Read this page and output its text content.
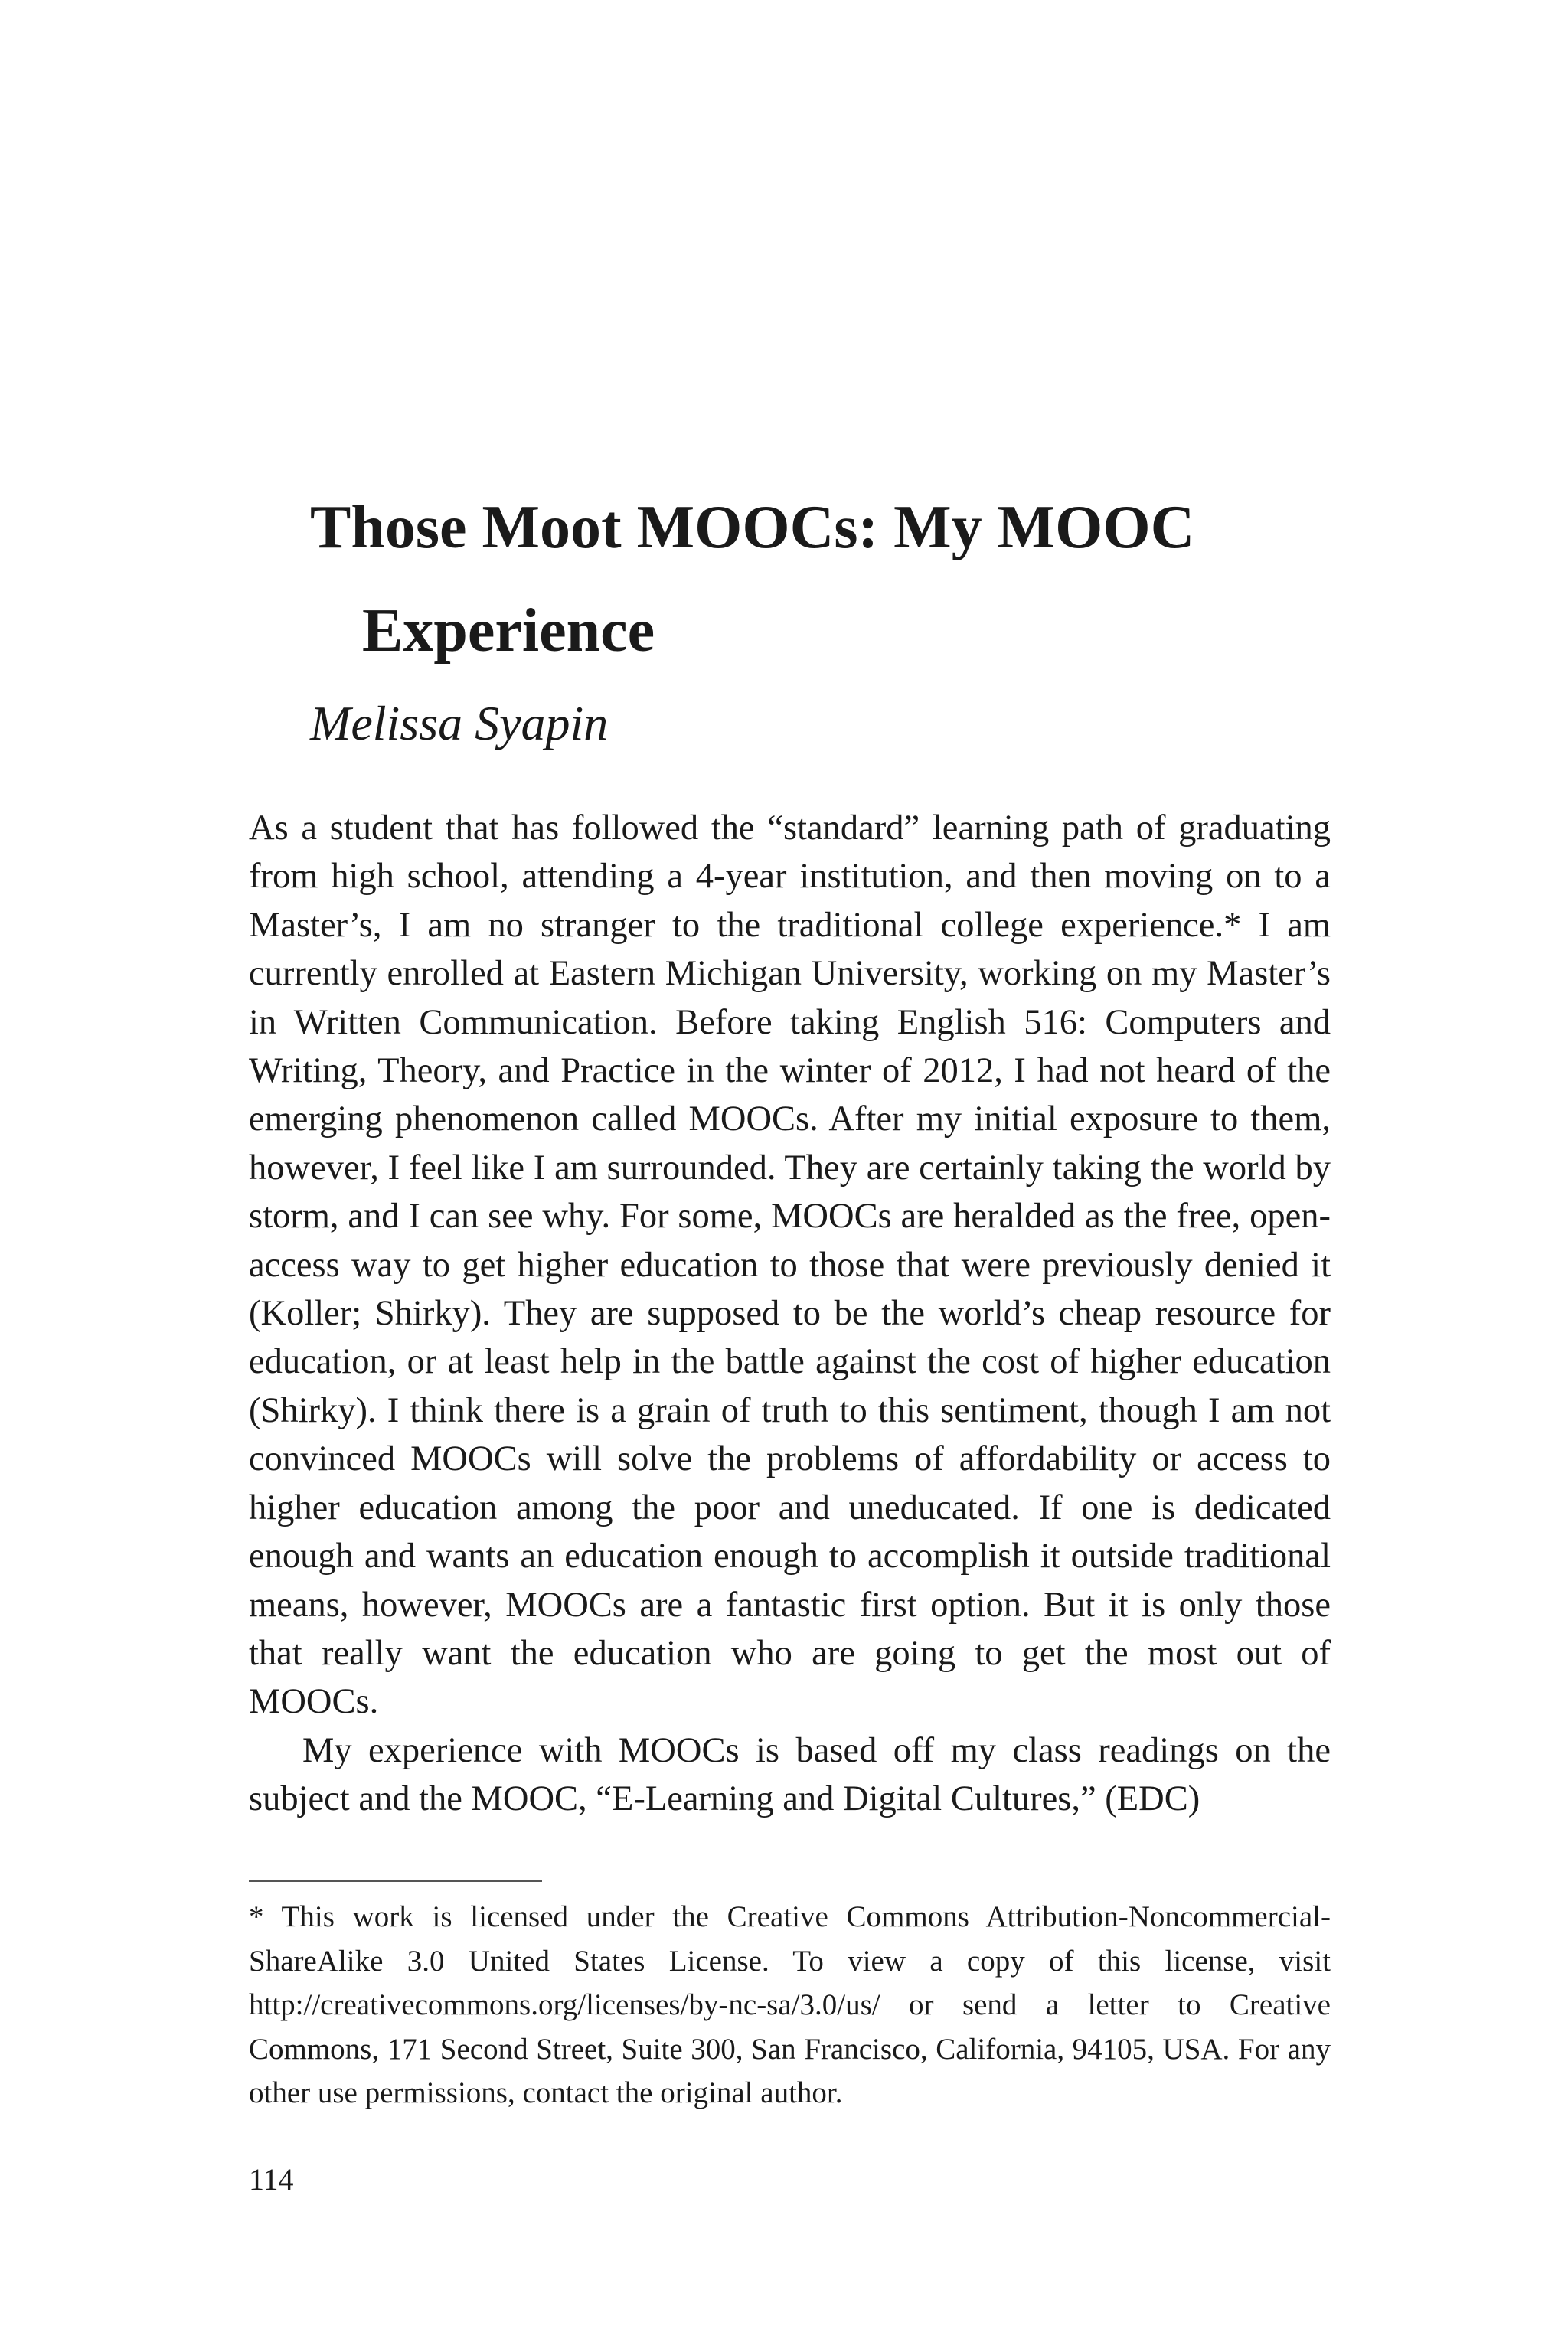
Those Moot MOOCs: My MOOC
Experience

Melissa Syapin

As a student that has followed the “standard” learning path of graduating from high school, attending a 4-year institution, and then moving on to a Master’s, I am no stranger to the traditional college experience.* I am currently enrolled at Eastern Michigan University, working on my Master’s in Written Communication. Before taking English 516: Computers and Writing, Theory, and Practice in the winter of 2012, I had not heard of the emerging phenomenon called MOOCs. After my initial exposure to them, however, I feel like I am surrounded. They are certainly taking the world by storm, and I can see why. For some, MOOCs are heralded as the free, open-access way to get higher education to those that were previously denied it (Koller; Shirky). They are supposed to be the world’s cheap resource for education, or at least help in the battle against the cost of higher education (Shirky). I think there is a grain of truth to this sentiment, though I am not convinced MOOCs will solve the problems of affordability or access to higher education among the poor and uneducated. If one is dedicated enough and wants an education enough to accomplish it outside traditional means, however, MOOCs are a fantastic first option. But it is only those that really want the education who are going to get the most out of MOOCs.

My experience with MOOCs is based off my class readings on the subject and the MOOC, “E-Learning and Digital Cultures,” (EDC)

* This work is licensed under the Creative Commons Attribution-Noncommercial-ShareAlike 3.0 United States License. To view a copy of this license, visit http://creativecommons.org/licenses/by-nc-sa/3.0/us/ or send a letter to Creative Commons, 171 Second Street, Suite 300, San Francisco, California, 94105, USA. For any other use permissions, contact the original author.

114
